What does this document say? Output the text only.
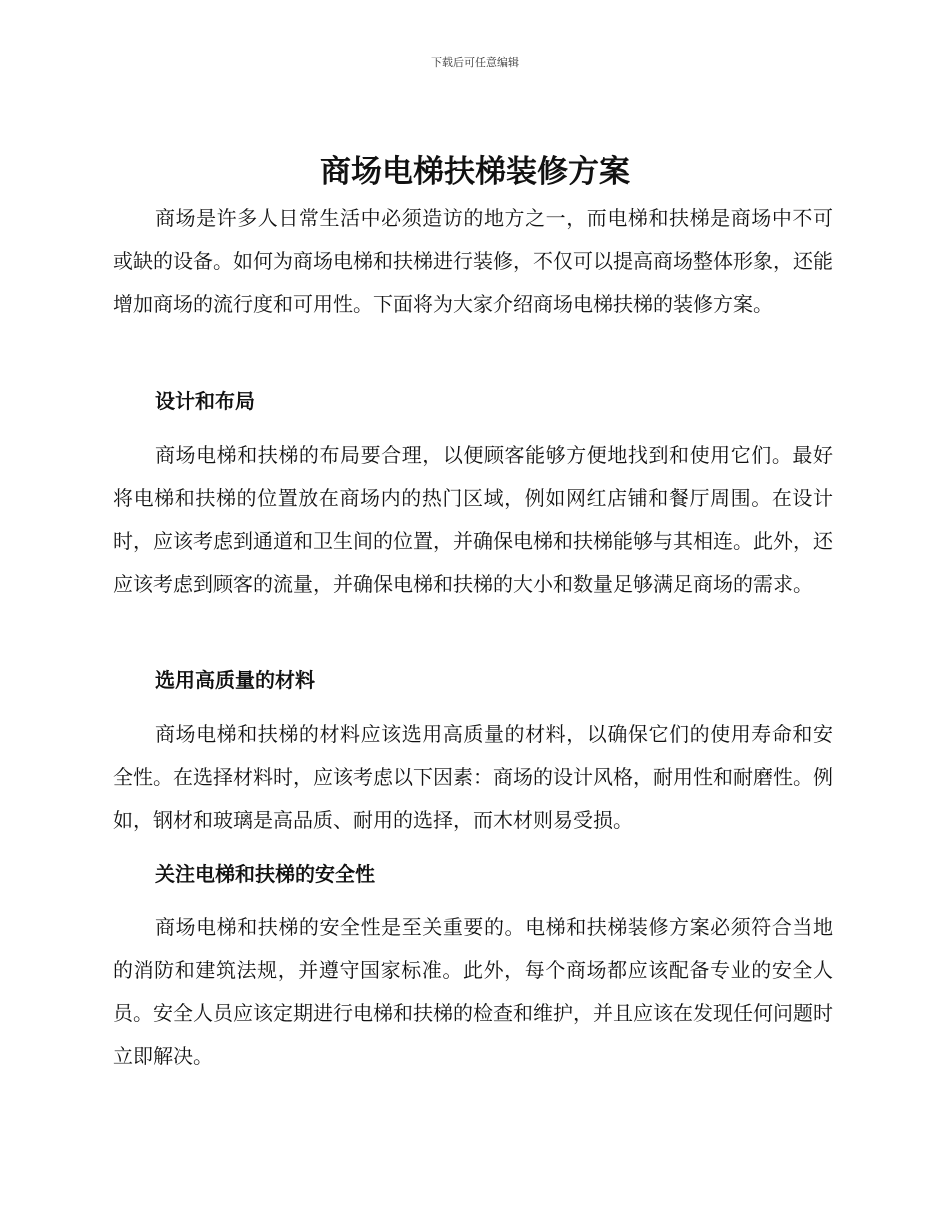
下载后可任意编辑
商场电梯扶梯装修方案

商场是许多人日常生活中必须造访的地方之一，而电梯和扶梯是商场中不可或缺的设备。如何为商场电梯和扶梯进行装修，不仅可以提高商场整体形象，还能增加商场的流行度和可用性。下面将为大家介绍商场电梯扶梯的装修方案。

设计和布局

商场电梯和扶梯的布局要合理，以便顾客能够方便地找到和使用它们。最好将电梯和扶梯的位置放在商场内的热门区域，例如网红店铺和餐厅周围。在设计时，应该考虑到通道和卫生间的位置，并确保电梯和扶梯能够与其相连。此外，还应该考虑到顾客的流量，并确保电梯和扶梯的大小和数量足够满足商场的需求。

选用高质量的材料

商场电梯和扶梯的材料应该选用高质量的材料，以确保它们的使用寿命和安全性。在选择材料时，应该考虑以下因素：商场的设计风格，耐用性和耐磨性。例如，钢材和玻璃是高品质、耐用的选择，而木材则易受损。

关注电梯和扶梯的安全性

商场电梯和扶梯的安全性是至关重要的。电梯和扶梯装修方案必须符合当地的消防和建筑法规，并遵守国家标准。此外，每个商场都应该配备专业的安全人员。安全人员应该定期进行电梯和扶梯的检查和维护，并且应该在发现任何问题时立即解决。
